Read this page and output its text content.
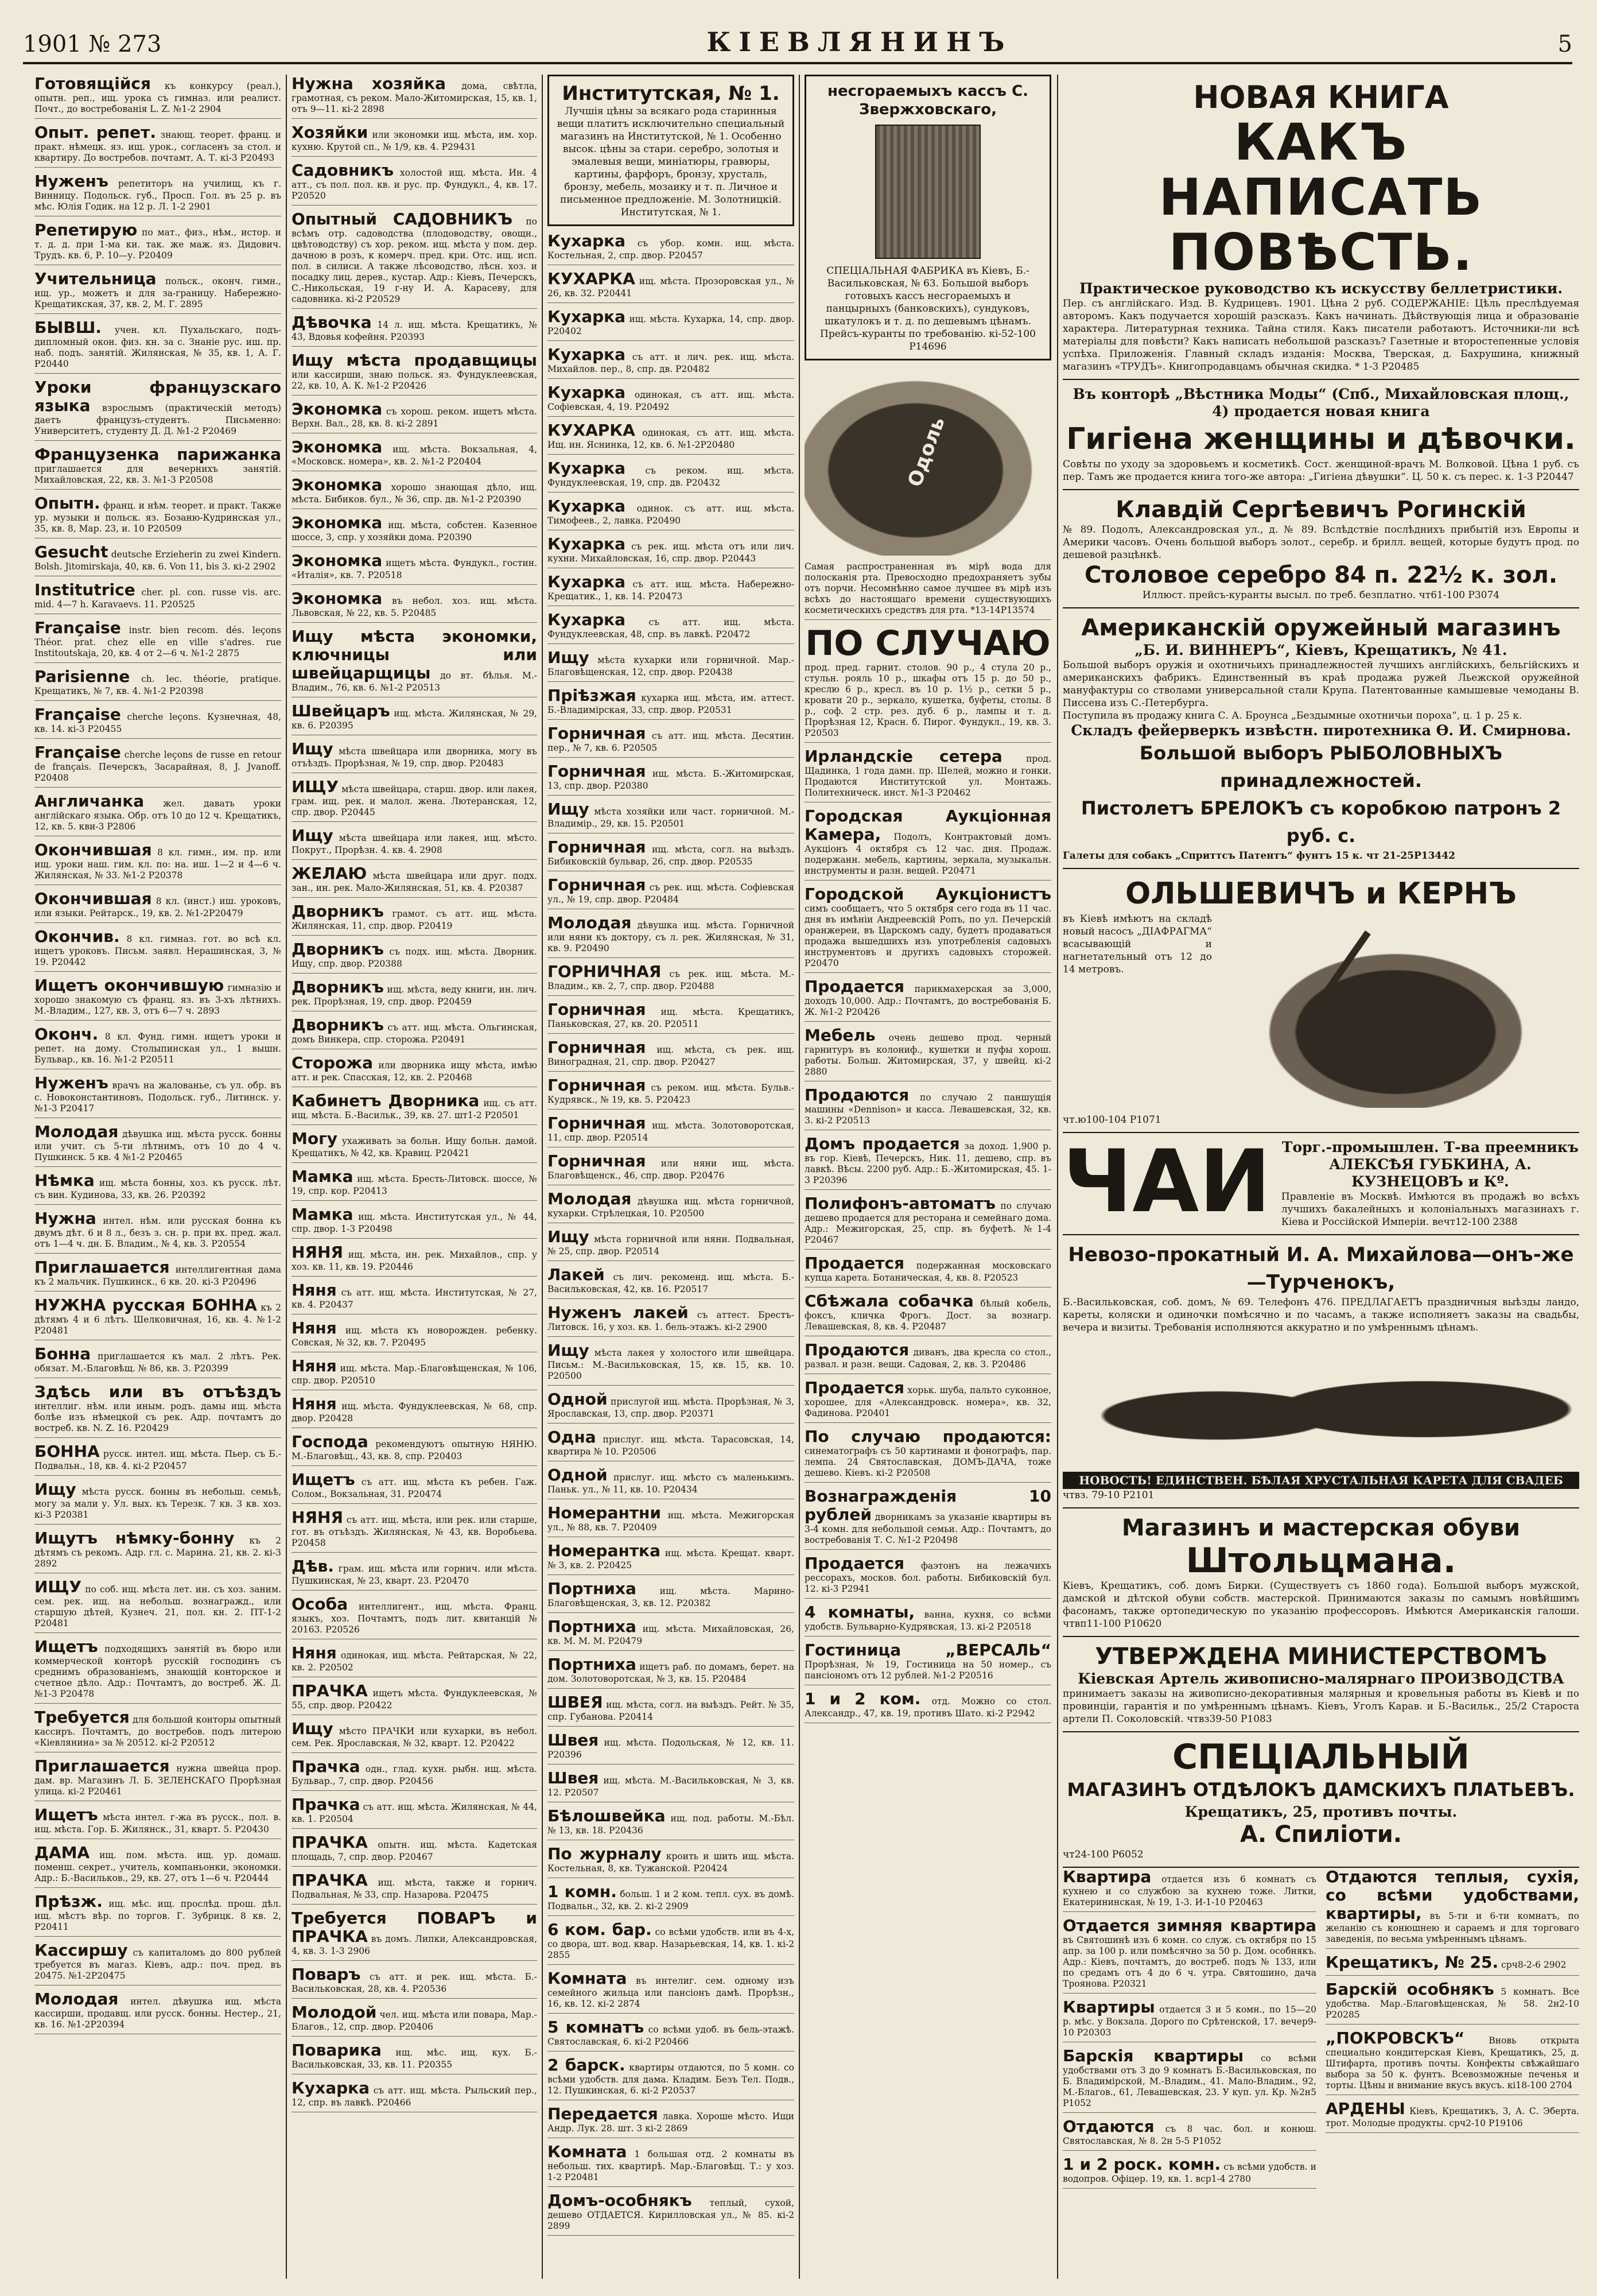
1901 № 273	КІЕВЛЯНИНЪ	5
Готовящійся къ конкурсу (реал.), опытн. реп., ищ. урока съ гимназ. или реалист. Почт., до востребованія L. Z. №1-2 2904
Опыт. репет. знающ. теорет. франц. и практ. нѣмецк. яз. ищ. урок., согласенъ за стол. и квартиру. До востребов. почтамт, А. Т. кі-3 Р20493
Нуженъ репетиторъ на училищ, къ г. Винницу. Подольск. губ., Просп. Гол. въ 25 р. въ мѣс. Юлія Годик. на 12 р. Л. 1-2 2901
Репетирую по мат., физ., нѣм., истор. и т. д. д. при 1-ма ки. так. же маж. яз. Дидович. Трудъ. кв. 6, Р. 10—у. Р20409
Учительница польск., оконч. гимн., ищ. ур., можетъ и для за-границу. Набережно-Крещатикская, 37, кв. 2, М. Г. 2895
БЫВШ. учен. кл. Пухальскаго, подъ-дипломный окон. физ. кн. за с. Знаніе рус. иш. пр. наб. подъ. занятій. Жилянская, № 35, кв. 1, А. Г. Р20440
Уроки французскаго языка взрослымъ (практическій методъ) даетъ французъ-студентъ. Письменно: Университетъ, студенту Д. Д. №1-2 Р20469
Французенка парижанка приглашается для вечернихъ занятій. Михайловская, 22, кв. 3. №1-3 Р20508
Опытн. франц. и нѣм. теорет. и практ. Также ур. музыки и польск. яз. Бозаню-Кудринская ул., 35, кв. 8, Мар. 23, и. 10 Р20509
Gesucht deutsche Erzieherin zu zwei Kindern. Bolsh. Jitomirskaja, 40, кв. 6. Von 11, bis 3. кі-2 2902
Institutrice cher. pl. con. russe vis. arc. mid. 4—7 h. Karavaevs. 11. Р20525
Française instr. bien recom. dés. leçons Тhéor. prat. chez elle en ville s'adres. rue Institoutskaja, 20, кв. 4 от 2—6 ч. №1-2 2875
Parisienne ch. lec. théorie, pratique. Крещатикъ, № 7, кв. 4. №1-2 Р20398
Française cherche leçons. Кузнечная, 48, кв. 14. кі-3 Р20455
Française cherche leçons de russe en retour de français. Печерскъ, Засарайная, 8, J. Jvanoff. Р20408
Англичанка жел. давать уроки англійскаго языка. Обр. отъ 10 до 12 ч. Крещатикъ, 12, кв. 5. кви-3 Р2806
Окончившая 8 кл. гимн., им. пр. или ищ. уроки наш. гим. кл. по: на. иш. 1—2 и 4—6 ч. Жилянская, № 33. №1-2 Р20378
Окончившая 8 кл. (инст.) иш. уроковъ, или языки. Рейтарск., 19, кв. 2. №1-2Р20479
Окончив. 8 кл. гимназ. гот. во всѣ кл. ищетъ уроковъ. Письм. заявл. Нерашинская, 3, № 19. Р20442
Ищетъ окончившую гимназію и хорошо знакомую съ франц. яз. въ 3-хъ лѣтнихъ. М.-Владим., 127, кв. 3, отъ 6—7 ч. 2893
Оконч. 8 кл. Фунд. гимн. ищетъ уроки и репет. на дому. Столыпинская ул., 1 вышн. Бульвар., кв. 16. №1-2 Р20511
Нуженъ врачъ на жалованье, съ ул. обр. въ с. Новоконстантиновъ, Подольск. губ., Литинск. у. №1-3 Р20417
Молодая дѣвушка ищ. мѣста русск. бонны или учит. съ 5-ти лѣтнимъ, отъ 10 до 4 ч. Пушкинск. 5 кв. 4 №1-2 Р20465
Нѣмка ищ. мѣста бонны, хоз. къ русск. лѣт. съ вин. Кудинова, 33, кв. 26. Р20392
Нужна интел. нѣм. или русская бонна къ двумъ дѣт. 6 и 8 л., безъ з. сн. р. при вх. пред. жал. отъ 1—4 ч. дн. Б. Владим., № 4, кв. 3. Р20554
Приглашается интеллигентная дама къ 2 мальчик. Пушкинск., 6 кв. 20. кі-3 Р20496
НУЖНА русская БОННА къ 2 дѣтямъ 4 и 6 лѣтъ. Шелковичная, 16, кв. 4. №1-2 Р20481
Бонна приглашается къ мал. 2 лѣтъ. Рек. обязат. М.-Благовѣщ. № 86, кв. 3. Р20399
Здѣсь или въ отъѣздъ интеллиг. нѣм. или иным. родъ. дамы ищ. мѣста болѣе изъ нѣмецкой съ рек. Адр. почтамтъ до востреб. кв. N. Z. 16. Р20429
БОННА русск. интел. ищ. мѣста. Пьер. съ Б.-Подвальн., 18, кв. 4. кі-2 Р20457
Ищу мѣста русск. бонны въ небольш. семьѣ, могу за мали у. Ул. вых. къ Терезк. 7 кв. 3 кв. хоз. кі-3 Р20381
Ищутъ нѣмку-бонну къ 2 дѣтямъ съ рекомъ. Адр. гл. с. Марина. 21, кв. 2. кі-3 2892
ИЩУ по соб. ищ. мѣста лет. ин. съ хоз. заним. сем. рек. ищ. на небольш. вознагражд., или старшую дѣтей, Кузнеч. 21, пол. кн. 2. ПТ-1-2 Р20481
Ищетъ подходящихъ занятій въ бюро или коммерческой конторѣ русскій господинъ съ среднимъ образованіемъ, знающій конторское и счетное дѣло. Адр.: Почтамтъ, до востреб. Ж. Д. №1-3 Р20478
Требуется для большой конторы опытный кассиръ. Почтамтъ, до востребов. подъ литерою «Кіевлянина» за № 20512. кі-2 Р20512
Приглашается нужна швейца прор. дам. вр. Магазинъ Л. Б. ЗЕЛЕНСКАГО Прорѣзная улица. кі-2 Р20461
Ищетъ мѣста интел. г-жа въ русск., пол. в. ищ. мѣста. Гор. Б. Жилянск., 31, кварт. 5. Р20430
ДАМА ищ. пом. мѣста. ищ. ур. домаш. поменш. секрет., учитель, компаньонки, экономки. Адр.: Б.-Васильков., 29, кв. 27, отъ 1—6 ч. Р20444
Прѣзж. ищ. мѣс. ищ. прослѣд. прош. дѣл. ищ. мѣстъ вѣр. по торгов. Г. Зубрицк. 8 кв. 2, Р20411
Кассиршу съ капиталомъ до 800 рублей требуется въ магаз. Кіевъ, адр.: поч. пред. въ 20475. №1-2Р20475
Молодая интел. дѣвушка ищ. мѣста кассирши, продавщ. или русск. бонны. Нестер., 21, кв. 16. №1-2Р20394
Нужна хозяйка дома, свѣтла, грамотная, съ реком. Мало-Житомирская, 15, кв. 1, отъ 9—11. кі-2 2898
Хозяйки или экономки ищ. мѣста, им. хор. кухню. Крутой сп., № 1/9, кв. 4. Р29431
Садовникъ холостой ищ. мѣста. Ин. 4 атт., съ пол. пол. кв. и рус. пр. Фундукл., 4, кв. 17. Р20520
Опытный САДОВНИКЪ по всѣмъ отр. садоводства (плодоводству, овощн., цвѣтоводству) съ хор. реком. ищ. мѣста у пом. дер. дачною в розъ, к комерч. пред. кри. Отс. ищ. исп. пол. в силиси. А также лѣсоводство, лѣсн. хоз. и посадку лиц. дерев., кустар. Адр.: Кіевъ, Печерскъ, С.-Никольская, 19 г-ну И. А. Карасеву, для садовника. кі-2 Р20529
Дѣвочка 14 л. ищ. мѣста. Крещатикъ, № 43, Вдовья кофейня. Р20393
Ищу мѣста продавщицы или кассирши, знаю польск. яз. Фундуклеевская, 22, кв. 10, А. К. №1-2 Р20426
Экономка съ хорош. реком. ищетъ мѣста. Верхн. Вал., 28, кв. 8. кі-2 2891
Экономка ищ. мѣста. Вокзальная, 4, «Московск. номера», кв. 2. №1-2 Р20404
Экономка хорошо знающая дѣло, ищ. мѣста. Бибиков. бул., № 36, спр. дв. №1-2 Р20390
Экономка ищ. мѣста, собстен. Казенное шоссе, 3, спр. у хозяйки дома. Р20390
Экономка ищетъ мѣста. Фундукл., гостин. «Италія», кв. 7. Р20518
Экономка въ небол. хоз. ищ. мѣста. Львовская, № 22, кв. 5. Р20485
Ищу мѣста экономки, ключницы или швейцарщицы до вт. бѣлья. М.-Владим., 76, кв. 6. №1-2 Р20513
Швейцаръ ищ. мѣста. Жилянская, № 29, кв. 6. Р20395
Ищу мѣста швейцара или дворника, могу въ отъѣздъ. Прорѣзная, № 19, спр. двор. Р20483
ИЩУ мѣста швейцара, старш. двор. или лакея, грам. ищ. рек. и малол. жена. Лютеранская, 12, спр. двор. Р20445
Ищу мѣста швейцара или лакея, ищ. мѣсто. Покрут., Прорѣзн. 4. кв. 4. 2908
ЖЕЛАЮ мѣста швейцара или друг. подх. зан., ин. рек. Мало-Жилянская, 51, кв. 4. Р20387
Дворникъ грамот. съ атт. ищ. мѣста. Жилянская, 11, спр. двор. Р20419
Дворникъ съ подх. ищ. мѣста. Дворник. Ищу, спр. двор. Р20388
Дворникъ ищ. мѣста, веду книги, ин. лич. рек. Прорѣзная, 19, спр. двор. Р20459
Дворникъ съ атт. ищ. мѣста. Ольгинская, домъ Винкера, спр. сторожа. Р20491
Сторожа или дворника ищу мѣста, имѣю атт. и рек. Спасская, 12, кв. 2. Р20468
Кабинетъ Дворника ищ. съ атт. ищ. мѣста. Б.-Васильк., 39, кв. 27. шт1-2 Р20501
Могу ухаживать за больн. Ищу больн. дамой. Крещатикъ, № 42, кв. Кравиц. Р20421
Мамка ищ. мѣста. Бресть-Литовск. шоссе, № 19, спр. кор. Р20413
Мамка ищ. мѣста. Институтская ул., № 44, спр. двор. 1-3 Р20498
НЯНЯ ищ. мѣста, ин. рек. Михайлов., спр. у хоз. кв. 11, кв. 19. Р20446
Няня съ атт. ищ. мѣста. Институтская, № 27, кв. 4. Р20437
Няня ищ. мѣста къ новорожден. ребенку. Совская, № 32, кв. 7. Р20495
Няня ищ. мѣста. Мар.-Благовѣщенская, № 106, спр. двор. Р20510
Няня ищ. мѣста. Фундуклеевская, № 68, спр. двор. Р20428
Господа рекомендуютъ опытную НЯНЮ. М.-Благовѣщ., 43, кв. 8, спр. Р20403
Ищетъ съ атт. ищ. мѣста къ ребен. Гаж. Солом., Вокзальная, 31. Р20474
НЯНЯ съ атт. ищ. мѣста, или рек. или старше, гот. въ отъѣздъ. Жилянская, № 43, кв. Воробьева. Р20458
Дѣв. грам. ищ. мѣста или горнич. или мѣста. Пушкинская, № 23, кварт. 23. Р20470
Особа интеллигент., ищ. мѣста. Франц. языкъ, хоз. Почтамтъ, подъ лит. квитанцій № 20163. Р20526
Няня одинокая, ищ. мѣста. Рейтарская, № 22, кв. 2. Р20502
ПРАЧКА ищетъ мѣста. Фундуклеевская, № 55, спр. двор. Р20422
Ищу мѣсто ПРАЧКИ или кухарки, въ небол. сем. Рек. Ярославская, № 32, кварт. 12. Р20422
Прачка одн., глад. кухн. рыбн. ищ. мѣста. Бульвар., 7, спр. двор. Р20456
Прачка съ атт. ищ. мѣста. Жилянская, № 44, кв. 1. Р20504
ПРАЧКА опытн. ищ. мѣста. Кадетская площадь, 7, спр. двор. Р20467
ПРАЧКА ищ. мѣста, также и горнич. Подвальная, № 33, спр. Назарова. Р20475
Требуется ПОВАРЪ и ПРАЧКА въ домъ. Липки, Александровская, 4, кв. 3. 1-3 2906
Поваръ съ атт. и рек. ищ. мѣста. Б.-Васильковская, 28, кв. 4. Р20536
Молодой чел. ищ. мѣста или повара, Мар.-Благов., 12, спр. двор. Р20406
Поварика ищ. мѣс. ищ. кух. Б.-Васильковская, 33, кв. 11. Р20355
Кухарка съ атт. ищ. мѣста. Рыльский пер., 12, спр. въ лавкѣ. Р20466
Институтская, № 1.
Лучшія цѣны за всякаго рода старинныя вещи платитъ исключительно специальный магазинъ на Институтской, № 1. Особенно высок. цѣны за стари. серебро, золотыя и эмалевыя вещи, миніатюры, гравюры, картины, фарфоръ, бронзу, хрусталь, бронзу, мебель, мозаику и т. п. Личное и письменное предложеніе. М. Золотницкій. Институтская, № 1.
Кухарка съ убор. комн. ищ. мѣста. Костельная, 2, спр. двор. Р20457
КУХАРКА ищ. мѣста. Прозоровская ул., № 26, кв. 32. Р20441
Кухарка ищ. мѣста. Кухарка, 14, спр. двор. Р20402
Кухарка съ атт. и лич. рек. ищ. мѣста. Михайлов. пер., 8, спр. дв. Р20482
Кухарка одинокая, съ атт. ищ. мѣста. Софіевская, 4, 19. Р20492
КУХАРКА одинокая, съ атт. ищ. мѣста. Ищ. ин. Яснинка, 12, кв. 6. №1-2Р20480
Кухарка съ реком. ищ. мѣста. Фундуклеевская, 19, спр. дв. Р20432
Кухарка одинок. съ атт. ищ. мѣста. Тимофеев., 2, лавка. Р20490
Кухарка съ рек. ищ. мѣста отъ или лич. кухни. Михайловская, 16, спр. двор. Р20443
Кухарка съ атт. ищ. мѣста. Набережно-Крещатик., 1, кв. 14. Р20473
Кухарка	съ атт. ищ. мѣста. Фундуклеевская, 48, спр. въ лавкѣ. Р20472
Ищу мѣста кухарки или горничной. Мар.-Благовѣщенская, 12, спр. двор. Р20438
Пріѣзжая кухарка ищ. мѣста, им. аттест. Б.-Владимірская, 33, спр. двор. Р20531
Горничная съ атт. ищ. мѣста. Десятин. пер., № 7, кв. 6. Р20505
Горничная ищ. мѣста. Б.-Житомирская, 13, спр. двор. Р20380
Ищу мѣста хозяйки или част. горничной. М.-Владимір., 29, кв. 15. Р20501
Горничная ищ. мѣста, согл. на выѣздъ. Бибиковскій бульвар, 26, спр. двор. Р20535
Горничная съ рек. ищ. мѣста. Софіевская ул., № 19, спр. двор. Р20484
Молодая дѣвушка ищ. мѣста. Горничной или няни къ доктору, съ л. рек. Жилянская, № 31, кв. 9. Р20490
ГОРНИЧНАЯ съ рек. ищ. мѣста. М.-Владим., кв. 2, 7, спр. двор. Р20488
Горничная ищ. мѣста. Крещатикъ, Паньковская, 27, кв. 20. Р20511
Горничная ищ. мѣста, съ рек. ищ. Виноградная, 21, спр. двор. Р20427
Горничная съ реком. ищ. мѣста. Бульв.-Кудрявск., № 19, кв. 5. Р20423
Горничная ищ. мѣста. Золотоворотская, 11, спр. двор. Р20514
Горничная или няни ищ. мѣста. Благовѣщенск., 46, спр. двор. Р20476
Молодая дѣвушка ищ. мѣста горничной, кухарки. Стрѣлецкая, 10. Р20500
Ищу мѣста горничной или няни. Подвальная, № 25, спр. двор. Р20514
Лакей съ лич. рекоменд. ищ. мѣста. Б.-Васильковская, 42, кв. 16. Р20517
Нуженъ лакей съ аттест. Брестъ-Литовск. 16, у хоз. кв. 1. бель-этажъ. кі-2 2900
Ищу мѣста лакея у холостого или швейцара. Письм.: М.-Васильковская, 15, кв. 15, кв. 10. Р20500
Одной прислугой ищ. мѣста. Прорѣзная, № 3, Ярославская, 13, спр. двор. Р20371
Одна прислуг. ищ. мѣста. Тарасовская, 14, квартира № 10. Р20506
Одной прислуг. ищ. мѣсто съ маленькимъ. Паньк. ул., № 11, кв. 10. Р20434
Номерантни ищ. мѣста. Межигорская ул., № 88, кв. 7. Р20409
Номерантка ищ. мѣста. Крещат. кварт. № 3, кв. 2. Р20425
Портниха	ищ. мѣста. Марино-Благовѣщенская, 3, кв. 12. Р20382
Портниха ищ. мѣста. Михайловская, 26, кв. М. М. М. Р20479
Портниха ищетъ раб. по домамъ, берет. на дом. Золотоворотская, № 3, кв. 15. Р20484
ШВЕЯ ищ. мѣста, согл. на выѣздъ. Рейт. № 35, спр. Губанова. Р20414
Швея ищ. мѣста. Подольская, № 12, кв. 11. Р20396
Швея ищ. мѣста. М.-Васильковская, № 3, кв. 12. Р20507
Бѣлошвейка ищ. под. работы. М.-Бѣл. № 13, кв. 18. Р20436
По журналу кроить и шить ищ. мѣста. Костельная, 8, кв. Тужанской. Р20424
1 комн. больш. 1 и 2 ком. тепл. сух. въ домѣ. Подвальн., 32, кв. 2. кі-2 2909
6 ком. бар. со всѣми удобств. или въ 4-х, со двора, шт. вод. квар. Назарьевская, 14, кв. 1. кі-2 2855
Комната въ интелиг. сем. одному изъ семейного жильца или пансіонъ дамѣ. Прорѣзн., 16, кв. 12. кі-2 2874
5 комнатъ со всѣми удоб. въ бель-этажѣ. Святославская, 6. кі-2 Р20466
2 барск. квартиры отдаются, по 5 комн. со всѣми удобств. для дама. Кладим. Безъ Тел. Подв., 12. Пушкинская, 6. кі-2 Р20537
Передается лавка. Хороше мѣсто. Ищи Андр. Лук. 28. шт. 3 кі-2 2869
Комната 1 большая отд. 2 комнаты въ небольш. тих. квартирѣ. Мар.-Благовѣщ. Т.: у хоз. 1-2 Р20481
Домъ-особнякъ теплый, сухой, дешево ОТДАЕТСЯ. Кирилловская ул., № 85. кі-2 2899
несгораемыхъ кассъ С. Звержховскаго,
СПЕЦІАЛЬНАЯ ФАБРИКА въ Кіевъ, Б.-Васильковская, № 63. Большой выборъ готовыхъ кассъ несгораемыхъ и панцырныхъ (банковскихъ), сундуковъ, шкатулокъ и т. д. по дешевымъ цѣнамъ. Прейсъ-куранты по требованію. кі-52-100 Р14696
Одоль
Самая распространенная въ мірѣ вода для полосканія рта. Превосходно предохраняетъ зубы отъ порчи. Несомнѣнно самое лучшее въ мірѣ изъ всѣхъ до настоящаго времени существующихъ косметическихъ средствъ для рта. *13-14Р13574
ПО СЛУЧАЮ
прод. пред. гарнит. столов. 90 р., 4 стула 20 р., стульн. рояль 10 р., шкафы отъ 15 р. до 50 р., креслю 6 р., кресл. въ 10 р. 1½ р., сетки 5 р., кровати 20 р., зеркало, кушетка, буфеты, столы. 8 р., соф. 2 стр. рез. дуб. 6 р., лампы и т. д. Прорѣзная 12, Красн. б. Пирог. Фундукл., 19, кв. 3. Р20503
Ирландскіе сетера	прод. Щадинка, 1 года дамн. пр. Шелей, можно и гонки. Продаются Институтской ул. Монтажь. Политехническ. инст. №1-3 Р20462
Городская Аукціонная Камера, Подолъ, Контрактовый домъ. Аукціонъ 4 октября съ 12 час. дня. Продаж. подержанн. мебель, картины, зеркала, музыкальн. инструменты и разн. вещей. Р20471
Городской Аукціонистъ симъ сообщаетъ, что 5 октября сего года въ 11 час. дня въ имѣніи Андреевскій Ропъ, по ул. Печерскій оранжереи, въ Царскомъ саду, будетъ продаваться продажа вышедшихъ изъ употребленія садовыхъ инструментовъ и другихъ садовыхъ сторожей. Р20470
Продается парикмахерская за 3,000, доходъ 10,000. Адр.: Почтамтъ, до востребованія Б. Ж. №1-2 Р20426
Мебель очень дешево прод. черный гарнитуръ въ колониф., кушетки и пуфы хорош. работы. Больш. Житомирская, 37, у швейц. кі-2 2880
Продаются по случаю 2 паншущія машины «Dennison» и касса. Левашевская, 32, кв. 3. кі-2 Р20513
Домъ продается за доход. 1,900 р. въ гор. Кіевѣ, Печерскъ, Ник. 11, дешево, спр. въ лавкѣ. Вѣсы. 2200 руб. Адр.: Б.-Житомирская, 45. 1-3 Р20396
Полифонъ-автоматъ по случаю дешево продается для ресторана и семейнаго дома. Адр.: Межигорская, 25, спр. въ буфетѣ. №1-4 Р20467
Продается подержанная московскаго купца карета. Ботаническая, 4, кв. 8. Р20523
Сбѣжала собачка бѣлый кобель, фоксъ, кличка Фрогъ. Дост. за вознагр. Левашевская, 8, кв. 4. Р20487
Продаются диванъ, два кресла со стол., развал. и разн. вещи. Садовая, 2, кв. 3. Р20486
Продается хорьк. шуба, пальто суконное, хорошее, для «Александровск. номера», кв. 32, Фадинова. Р20401
По случаю продаются: синематографъ съ 50 картинами и фонографъ, пар. лемпа. 24 Святославская, ДОМЪ-ДАЧА, тоже дешево. Кіевъ. кі-2 Р20508
Вознагражденія 10 рублей дворникамъ за указаніе квартиры въ 3-4 комн. для небольшой семьи. Адр.: Почтамтъ, до востребованія Т. С. №1-2 Р20498
Продается фаэтонъ на лежачихъ рессорахъ, москов. бол. работы. Бибиковскій бул. 12. кі-3 Р2941
4 комнаты, ванна, кухня, со всѣми удобств. Бульварно-Кудрявская, 13. кі-2 Р20518
Гостиница „ВЕРСАЛЬ“ Прорѣзная, № 19, Гостиница на 50 номер., съ пансіономъ отъ 12 рублей. №1-2 Р20516
1 и 2 ком. отд. Можно со стол. Александр., 47, кв. 19, противъ Шато. кі-2 Р2942
НОВАЯ КНИГА
КАКЪ НАПИСАТЬ ПОВѢСТЬ.
Практическое руководство къ искусству беллетристики.
Пер. съ англійскаго. Изд. В. Кудрицевъ. 1901. Цѣна 2 руб. СОДЕРЖАНІЕ: Цѣль преслѣдуемая авторомъ. Какъ подучается хорошій разсказъ. Какъ начинать. Дѣйствующія лица и образованіе характера. Литературная техника. Тайна стиля. Какъ писатели работаютъ. Источники-ли всѣ матеріалы для повѣсти? Какъ написать небольшой разсказъ? Газетные и второстепенные условія успѣха. Приложенія. Главный складъ изданія: Москва, Тверская, д. Бахрушина, книжный магазинъ «ТРУДЪ». Книгопродавцамъ обычная скидка. * 1-3 Р20485
Въ конторѣ „Вѣстника Моды“ (Спб., Михайловская площ., 4) продается новая книга
Гигіена женщины и дѣвочки.
Совѣты по уходу за здоровьемъ и косметикѣ. Сост. женщиной-врачъ М. Волковой. Цѣна 1 руб. съ пер. Тамъ же продается книга того-же автора: „Гигіена дѣвушки“. Ц. 50 к. съ перес. к. 1-3 Р20447
Клавдій Сергѣевичъ Рогинскій
№ 89. Подолъ, Александровская ул., д. № 89. Вслѣдствіе послѣднихъ прибытій изъ Европы и Америки часовъ. Очень большой выборъ золот., серебр. и брилл. вещей, которые будутъ прод. по дешевой разцѣнкѣ.
Столовое серебро 84 п. 22½ к. зол.
Иллюст. прейсъ-куранты высыл. по треб. безплатно. чт61-100 Р3074
Американскій оружейный магазинъ
„Б. И. ВИННЕРЪ“, Кіевъ, Крещатикъ, № 41.
Большой выборъ оружія и охотничьихъ принадлежностей лучшихъ англійскихъ, бельгійскихъ и американскихъ фабрикъ. Единственный въ краѣ продажа ружей Льежской оружейной мануфактуры со стволами универсальной стали Крупа. Патентованные камышевые чемоданы В. Писсена изъ С.-Петербурга.
Поступила въ продажу книга С. А. Броунса „Бездымные охотничьи пороха“, ц. 1 р. 25 к.
Складъ фейерверкъ извѣстн. пиротехника Ѳ. И. Смирнова.
Большой выборъ РЫБОЛОВНЫХЪ принадлежностей.
Пистолетъ БРЕЛОКЪ съ коробкою патронъ 2 руб. с.
Галеты для собакъ „Сприттсъ Патентъ“ фунтъ 15 к. чт 21-25Р13442
ОЛЬШЕВИЧЪ и КЕРНЪ
въ Кіевѣ имѣютъ на складѣ новый насосъ „ДІАФРАГМА“ всасывающій и нагнетательный отъ 12 до 14 метровъ.
чт.ю100-104 Р1071
ЧАИ Торг.-промышлен. Т-ва преемникъ АЛЕКСѢЯ ГУБКИНА, А. КУЗНЕЦОВЪ и Кº.
Правленіе въ Москвѣ. Имѣются въ продажѣ во всѣхъ лучшихъ бакалейныхъ и колоніальныхъ магазинахъ г. Кіева и Россійской Имперіи. вечт12-100 2388
Невозо-прокатный И. А. Михайлова—онъ-же—Турченокъ,
Б.-Васильковская, соб. домъ, № 69. Телефонъ 476. ПРЕДЛАГАЕТЪ праздничныя выѣзды ландо, кареты, коляски и одиночки помѣсячно и по часамъ, а также исполняетъ заказы на свадьбы, вечера и визиты. Требованія исполняются аккуратно и по умѣреннымъ цѣнамъ.
НОВОСТЬ! ЕДИНСТВЕН. БѢЛАЯ ХРУСТАЛЬНАЯ КАРЕТА ДЛЯ СВАДЕБ
чтвз. 79-10 Р2101
Магазинъ и мастерская обуви
Штольцмана.
Кіевъ, Крещатикъ, соб. домъ Бирки. (Существуетъ съ 1860 года). Большой выборъ мужской, дамской и дѣтской обуви собств. мастерской. Принимаются заказы по самымъ новѣйшимъ фасонамъ, также ортопедическую по указанію профессоровъ. Имѣются Американскія галоши. чтвп11-100 Р10620
УТВЕРЖДЕНА МИНИСТЕРСТВОМЪ
Кіевская Артель живописно-малярнаго ПРОИЗВОДСТВА
принимаетъ заказы на живописно-декоративныя малярныя и кровельныя работы въ Кіевѣ и по провинціи, гарантія и по умѣреннымъ цѣнамъ. Кіевъ, Уголъ Карав. и Б.-Васильк., 25/2 Староста артели П. Соколовскій. чтвз39-50 Р1083
СПЕЦІАЛЬНЫЙ
МАГАЗИНЪ ОТДѢЛОКЪ ДАМСКИХЪ ПЛАТЬЕВЪ.
Крещатикъ, 25, противъ почты.
А. Спиліоти.
чт24-100 Р6052
Квартира отдается изъ 6 комнатъ съ кухнею и со службою за кухнею тоже. Литки, Екатерининская, № 19, 1-3. И-1-10 Р20463
Отдается зимняя квартира въ Святошинѣ изъ 6 комн. со служ. съ октября по 15 апр. за 100 р. или помѣсячно за 50 р. Дом. особнякъ. Адр.: Кіевъ, почтамтъ, до востреб. подъ № 133, или по средамъ отъ 4 до 6 ч. утра. Святошино, дача Троянова. Р20321
Квартиры отдается 3 и 5 комн., по 15—20 р. мѣс. у Вокзала. Дорого по Срѣтенской, 17. вечер9-10 Р20303
Барскія квартиры со всѣми удобствами отъ 3 до 9 комнатъ Б.-Васильковская, по Б. Владимірской, М.-Владим., 41. Мало-Владим., 92, М.-Благов., 61, Левашевская, 23. У куп. ул. Кр. №2н5 Р1052
Отдаются съ 8 час. бол. и конюш. Святославская, № 8. 2н 5-5 Р1052
1 и 2 роск. комн. съ всѣми удобств. и водопров. Офіцер. 19, кв. 1. вср1-4 2780
Отдаются теплыя, сухія, со всѣми удобствами, квартиры, въ 5-ти и 6-ти комнатъ, по желанію съ конюшнею и сараемъ и для торговаго заведенія, по весьма умѣреннымъ цѣнамъ.
Крещатикъ, № 25. срч8-2-6 2902
Барскій особнякъ 5 комнатъ. Все удобства. Мар.-Благовѣщенская, № 58. 2н2-10 Р20285
„ПОКРОВСКЪ“	Вновь открыта специально кондитерская Кіевъ, Крещатикъ, 25, д. Штифарта, противъ почты. Конфекты свѣжайшаго выбора за 50 к. фунтъ. Всевозможные печенья и торты. Цѣны и внимание вкусъ вкусъ. кі18-100 2704
АРДЕНЫ Кіевъ, Крещатикъ, 3, А. С. Эберта. трот. Молодые продукты. срч2-10 Р19106
